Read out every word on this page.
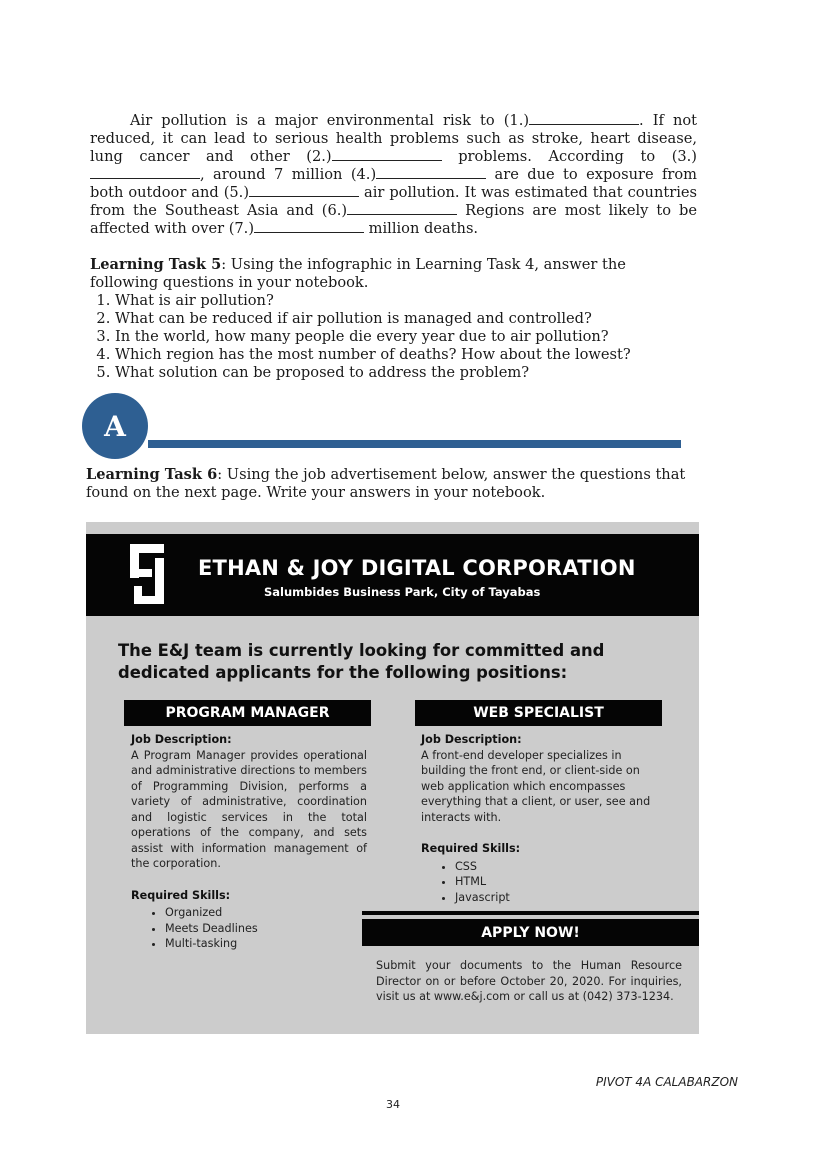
Air pollution is a major environmental risk to (1.)	. If not reduced, it can lead to serious health problems such as stroke, heart disease, lung cancer and other (2.)	problems. According to (3.) , around 7 million (4.)	are due to exposure from both outdoor and (5.)	air pollution. It was estimated that countries from the Southeast Asia and (6.)	Regions are most likely to be affected with over (7.)	million deaths.

Learning Task 5: Using the infographic in Learning Task 4, answer the following questions in your notebook.

1. What is air pollution?
2. What can be reduced if air pollution is managed and controlled?
3. In the world, how many people die every year due to air pollution?
4. Which region has the most number of deaths? How about the lowest?
5. What solution can be proposed to address the problem?
A
Learning Task 6: Using the job advertisement below, answer the questions that found on the next page. Write your answers in your notebook.
ETHAN & JOY DIGITAL CORPORATION
Salumbides Business Park, City of Tayabas
The E&J team is currently looking for committed and dedicated applicants for the following positions:
PROGRAM MANAGER

Job Description:

A Program Manager provides operational and administrative directions to members of Programming Division, performs a variety of administrative, coordination and logistic services in the total operations of the company, and sets assist with information management of the corporation.

Required Skills:

• Organized
• Meets Deadlines
• Multi-tasking
WEB SPECIALIST

Job Description:

A front-end developer specializes in building the front end, or client-side on web application which encompasses everything that a client, or user, see and interacts with.

Required Skills:

• CSS
• HTML
• Javascript
APPLY NOW!
Submit your documents to the Human Resource Director on or before October 20, 2020. For inquiries, visit us at www.e&j.com or call us at (042) 373-1234.
PIVOT 4A CALABARZON
34
